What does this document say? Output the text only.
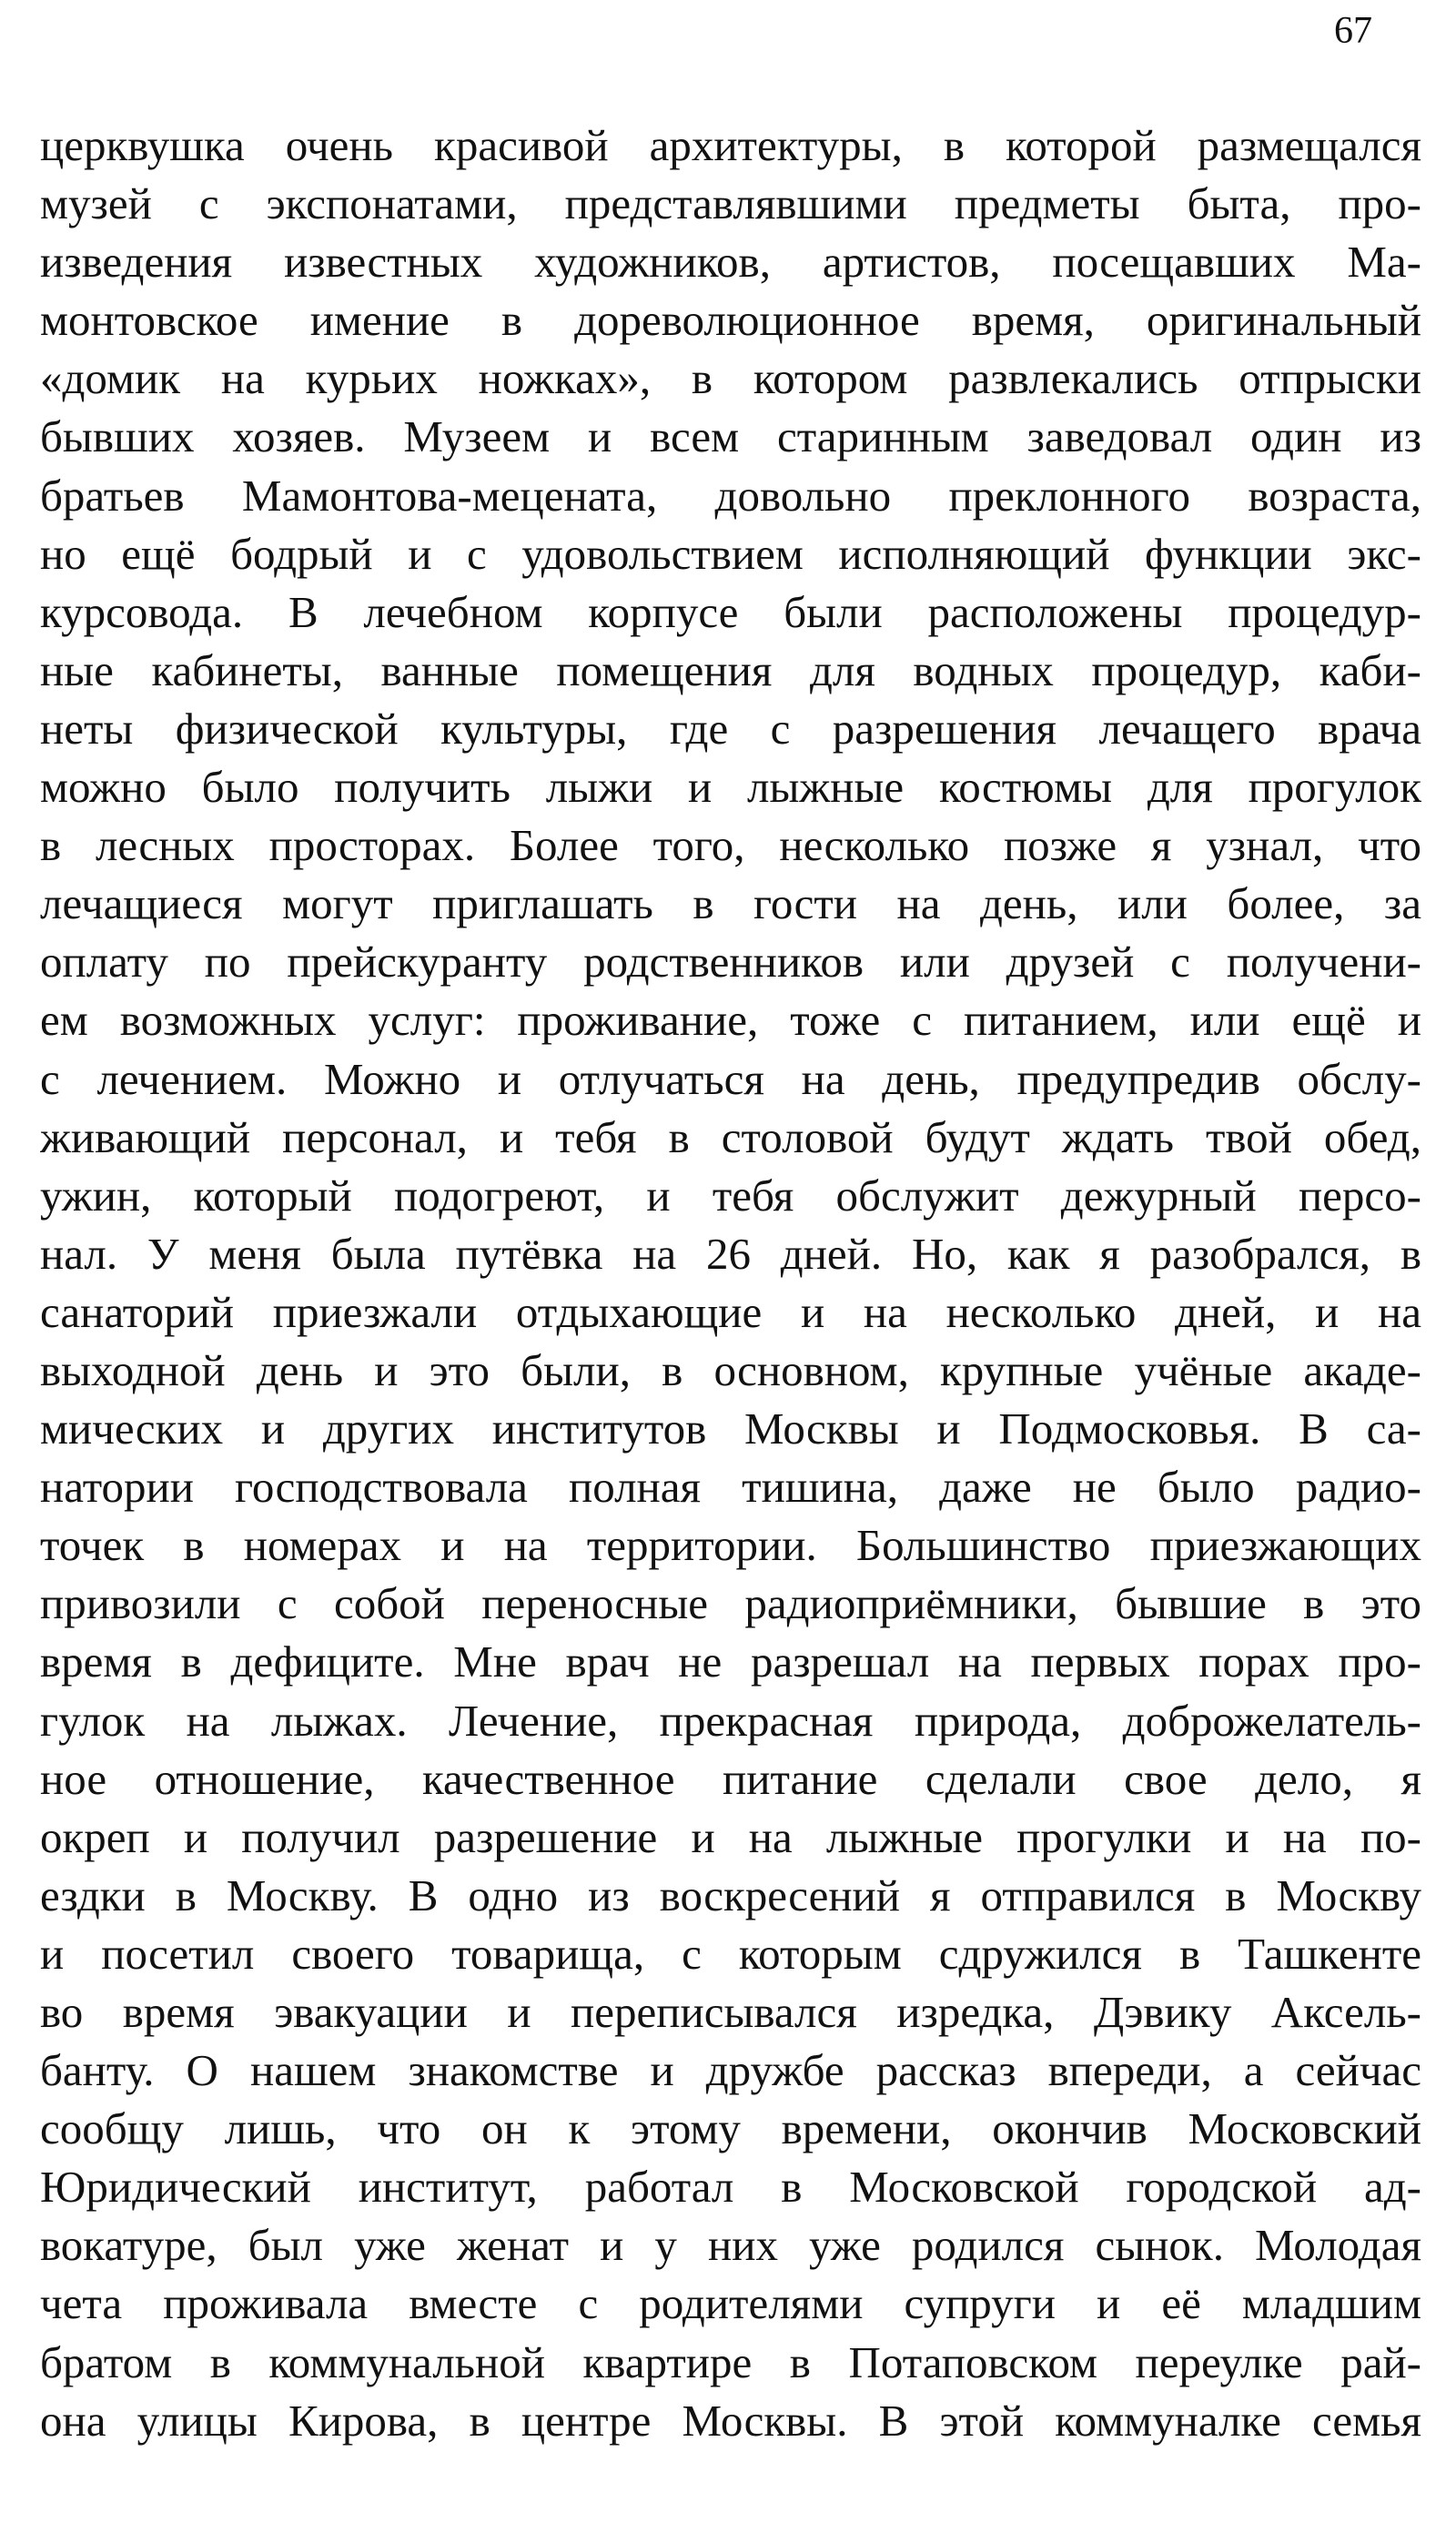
67
церквушка очень красивой архитектуры, в которой размещался
музей с экспонатами, представлявшими предметы быта, про-
изведения известных художников, артистов, посещавших Ма-
монтовское имение в дореволюционное время, оригинальный
«домик на курьих ножках», в котором развлекались отпрыски
бывших хозяев. Музеем и всем старинным заведовал один из
братьев Мамонтова-мецената, довольно преклонного возраста,
но ещё бодрый и с удовольствием исполняющий функции экс-
курсовода. В лечебном корпусе были расположены процедур-
ные кабинеты, ванные помещения для водных процедур, каби-
неты физической культуры, где с разрешения лечащего врача
можно было получить лыжи и лыжные костюмы для прогулок
в лесных просторах. Более того, несколько позже я узнал, что
лечащиеся могут приглашать в гости на день, или более, за
оплату по прейскуранту родственников или друзей с получени-
ем возможных услуг: проживание, тоже с питанием, или ещё и
с лечением. Можно и отлучаться на день, предупредив обслу-
живающий персонал, и тебя в столовой будут ждать твой обед,
ужин, который подогреют, и тебя обслужит дежурный персо-
нал. У меня была путёвка на 26 дней. Но, как я разобрался, в
санаторий приезжали отдыхающие и на несколько дней, и на
выходной день и это были, в основном, крупные учёные акаде-
мических и других институтов Москвы и Подмосковья. В са-
натории господствовала полная тишина, даже не было радио-
точек в номерах и на территории. Большинство приезжающих
привозили с собой переносные радиоприёмники, бывшие в это
время в дефиците. Мне врач не разрешал на первых порах про-
гулок на лыжах. Лечение, прекрасная природа, доброжелатель-
ное отношение, качественное питание сделали свое дело, я
окреп и получил разрешение и на лыжные прогулки и на по-
ездки в Москву. В одно из воскресений я отправился в Москву
и посетил своего товарища, с которым сдружился в Ташкенте
во время эвакуации и переписывался изредка, Дэвику Аксель-
банту. О нашем знакомстве и дружбе рассказ впереди, а сейчас
сообщу лишь, что он к этому времени, окончив Московский
Юридический институт, работал в Московской городской ад-
вокатуре, был уже женат и у них уже родился сынок. Молодая
чета проживала вместе с родителями супруги и её младшим
братом в коммунальной квартире в Потаповском переулке рай-
она улицы Кирова, в центре Москвы. В этой коммуналке семья
